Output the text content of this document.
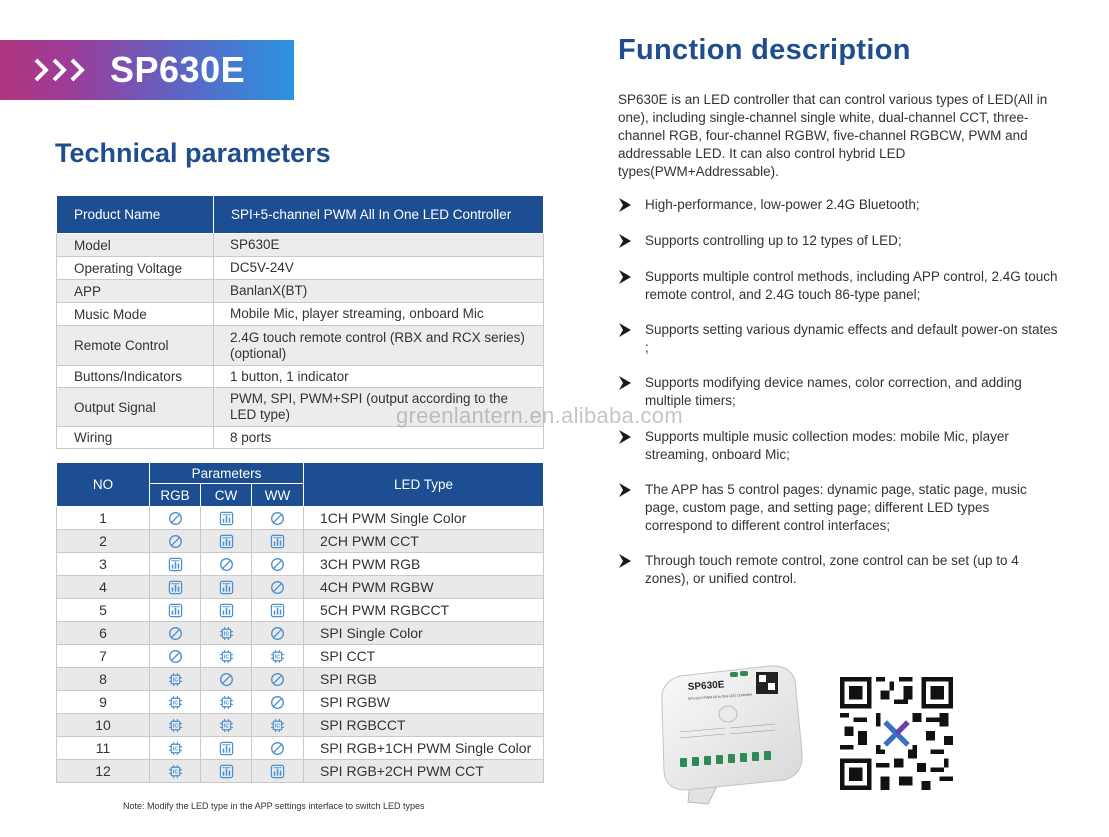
SP630E
Technical parameters
Product Name	SPI+5-channel PWM All In One LED Controller
Model	SP630E
Operating Voltage	DC5V-24V
APP	BanlanX(BT)
Music Mode	Mobile Mic, player streaming, onboard Mic
Remote Control	2.4G touch remote control (RBX and RCX series) (optional)
Buttons/Indicators	1 button, 1 indicator
Output Signal	PWM, SPI, PWM+SPI (output according to the LED type)
Wiring	8 ports
NO	Parameters			LED Type
	RGB	CW	WW	
1				1CH PWM Single Color
2				2CH PWM CCT
3				3CH PWM RGB
4				4CH PWM RGBW
5				5CH PWM RGBCCT
6		IC		SPI Single Color
7		IC	IC	SPI CCT
8	IC			SPI RGB
9	IC	IC		SPI RGBW
10	IC	IC	IC	SPI RGBCCT
11	IC			SPI RGB+1CH PWM Single Color
12	IC			SPI RGB+2CH PWM CCT
Note: Modify the LED type in the APP settings interface to switch LED types
Function description
SP630E is an LED controller that can control various types of LED(All in one), including single-channel single white, dual-channel CCT, three-channel RGB, four-channel RGBW, five-channel RGBCW, PWM and addressable LED. It can also control hybrid LED types(PWM+Addressable).
High-performance, low-power 2.4G Bluetooth;
Supports controlling up to 12 types of LED;
Supports multiple control methods, including APP control, 2.4G touch remote control, and 2.4G touch 86-type panel;
Supports setting various dynamic effects and default power-on states ;
Supports modifying device names, color correction, and adding multiple timers;
Supports multiple music collection modes: mobile Mic, player streaming, onboard Mic;
The APP has 5 control pages: dynamic page, static page, music page, custom page, and setting page; different LED types correspond to different control interfaces;
Through touch remote control, zone control can be set (up to 4 zones), or unified control.
greenlantern.en.alibaba.com
SP630E
SPI+5CH PWM All In One LED Controller
